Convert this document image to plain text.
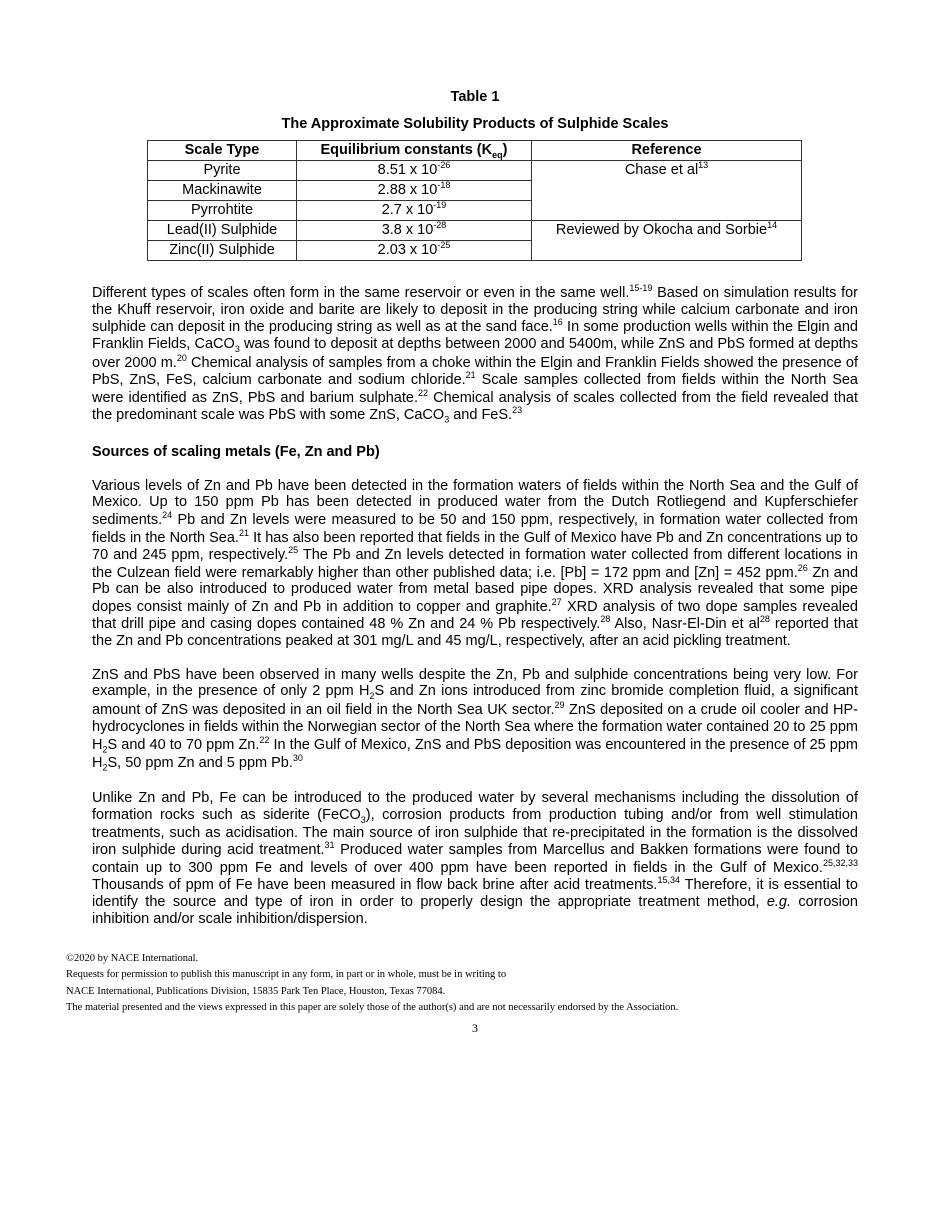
Table 1
The Approximate Solubility Products of Sulphide Scales
Scale Type	Equilibrium constants $(K_{eq})$	Reference
Pyrite	8.51 x $10^{-26}$	Chase et $al^{13}$
Mackinawite	2.88 x $10^{-18}$
Pyrrohtite	2.7 x $10^{-19}$
Lead(II) Sulphide	3.8 x $10^{-28}$	Reviewed by Okocha and Sorbie$^{14}$
Zinc(II) Sulphide	2.03 x $10^{-25}$

Different types of scales often form in the same reservoir or even in the same well.$^{15-19}$ Based on simulation results for the Khuff reservoir, iron oxide and barite are likely to deposit in the producing string while calcium carbonate and iron sulphide can deposit in the producing string as well as at the sand face.$^{16}$ In some production wells within the Elgin and Franklin Fields, CaCO$_3$ was found to deposit at depths between 2000 and 5400m, while ZnS and PbS formed at depths over 2000 m.$^{20}$ Chemical analysis of samples from a choke within the Elgin and Franklin Fields showed the presence of PbS, ZnS, FeS, calcium carbonate and sodium chloride.$^{21}$ Scale samples collected from fields within the North Sea were identified as ZnS, PbS and barium sulphate.$^{22}$ Chemical analysis of scales collected from the field revealed that the predominant scale was PbS with some ZnS, CaCO$_3$ and FeS.$^{23}$

Sources of scaling metals (Fe, Zn and Pb)

Various levels of Zn and Pb have been detected in the formation waters of fields within the North Sea and the Gulf of Mexico. Up to 150 ppm Pb has been detected in produced water from the Dutch Rotliegend and Kupferschiefer sediments.$^{24}$ Pb and Zn levels were measured to be 50 and 150 ppm, respectively, in formation water collected from fields in the North Sea.$^{21}$ It has also been reported that fields in the Gulf of Mexico have Pb and Zn concentrations up to 70 and 245 ppm, respectively.$^{25}$ The Pb and Zn levels detected in formation water collected from different locations in the Culzean field were remarkably higher than other published data; i.e. [Pb] = 172 ppm and [Zn] = 452 ppm.$^{26}$ Zn and Pb can be also introduced to produced water from metal based pipe dopes. XRD analysis revealed that some pipe dopes consist mainly of Zn and Pb in addition to copper and graphite.$^{27}$ XRD analysis of two dope samples revealed that drill pipe and casing dopes contained 48 % Zn and 24 % Pb respectively.$^{28}$ Also, Nasr-El-Din et $al^{28}$ reported that the Zn and Pb concentrations peaked at 301 mg/L and 45 mg/L, respectively, after an acid pickling treatment.

ZnS and PbS have been observed in many wells despite the Zn, Pb and sulphide concentrations being very low. For example, in the presence of only 2 ppm $H_2S$ and Zn ions introduced from zinc bromide completion fluid, a significant amount of ZnS was deposited in an oil field in the North Sea UK sector.$^{29}$ ZnS deposited on a crude oil cooler and HP-hydrocyclones in fields within the Norwegian sector of the North Sea where the formation water contained 20 to 25 ppm $H_2S$ and 40 to 70 ppm Zn.$^{22}$ In the Gulf of Mexico, ZnS and PbS deposition was encountered in the presence of 25 ppm $H_2S$, 50 ppm Zn and 5 ppm Pb.$^{30}$

Unlike Zn and Pb, Fe can be introduced to the produced water by several mechanisms including the dissolution of formation rocks such as siderite (FeCO$_3$), corrosion products from production tubing and/or from well stimulation treatments, such as acidisation. The main source of iron sulphide that re-precipitated in the formation is the dissolved iron sulphide during acid treatment.$^{31}$ Produced water samples from Marcellus and Bakken formations were found to contain up to 300 ppm Fe and levels of over 400 ppm have been reported in fields in the Gulf of Mexico.$^{25,32,33}$ Thousands of ppm of Fe have been measured in flow back brine after acid treatments.$^{15,34}$ Therefore, it is essential to identify the source and type of iron in order to properly design the appropriate treatment method, e.g. corrosion inhibition and/or scale inhibition/dispersion.

©2020 by NACE International.
Requests for permission to publish this manuscript in any form, in part or in whole, must be in writing to
NACE International, Publications Division, 15835 Park Ten Place, Houston, Texas 77084.
The material presented and the views expressed in this paper are solely those of the author(s) and are not necessarily endorsed by the Association.
3
